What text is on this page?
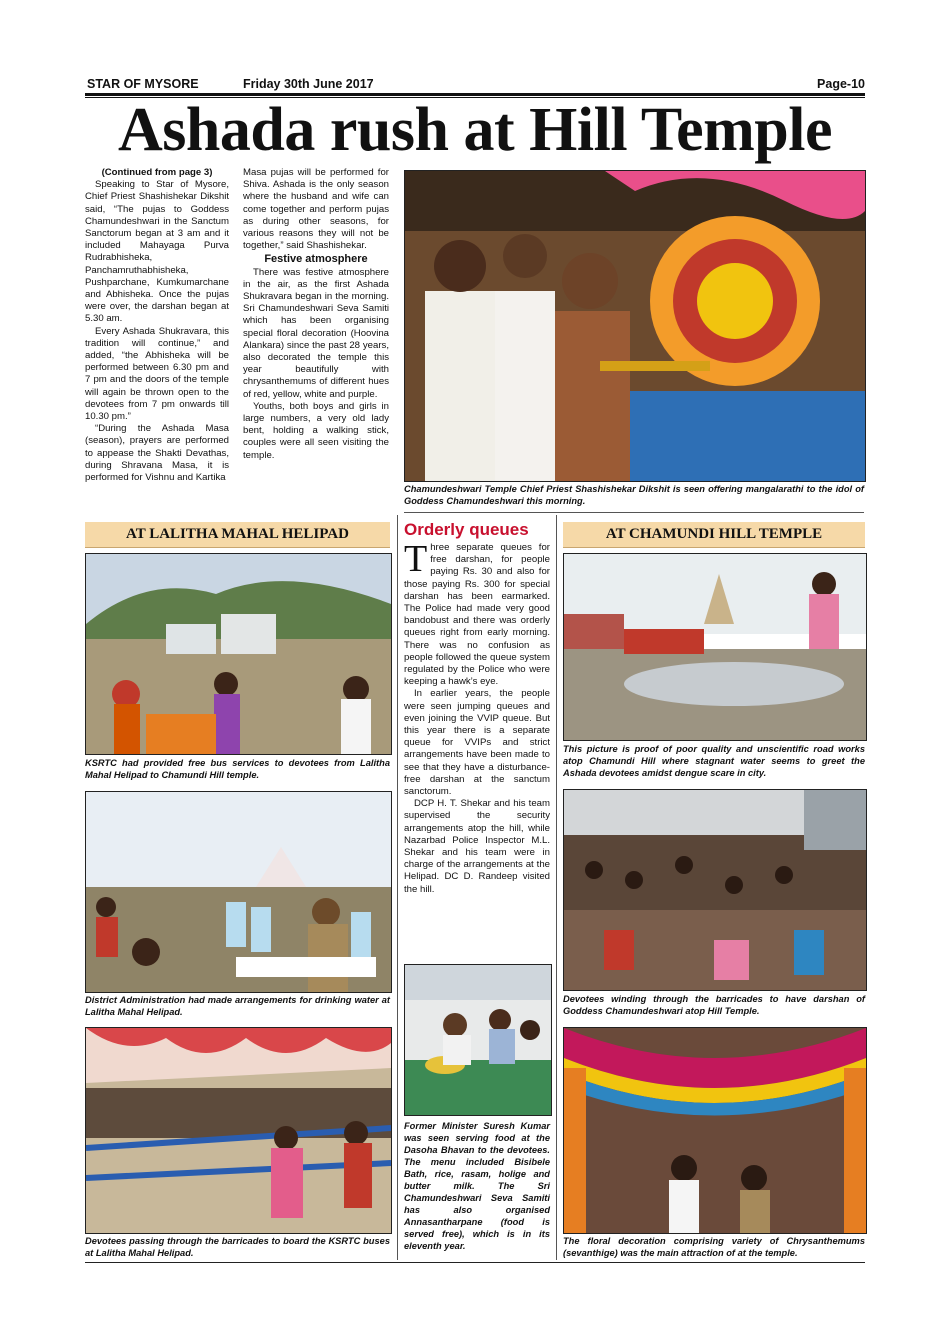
STAR OF MYSORE	Friday 30th June 2017	Page-10
Ashada rush at Hill Temple

(Continued from page 3)

Speaking to Star of Mysore, Chief Priest Shashishekar Dikshit said, “The pujas to Goddess Chamundeshwari in the Sanctum Sanctorum began at 3 am and it included Mahayaga Purva Rudrabhisheka, Panchamruthabhisheka, Pushparchane, Kumkumarchane and Abhisheka. Once the pujas were over, the darshan began at 5.30 am.

Every Ashada Shukravara, this tradition will continue,” and added, “the Abhisheka will be performed between 6.30 pm and 7 pm and the doors of the temple will again be thrown open to the devotees from 7 pm onwards till 10.30 pm.”

“During the Ashada Masa (season), prayers are performed to appease the Shakti Devathas, during Shravana Masa, it is performed for Vishnu and Kartika

Masa pujas will be performed for Shiva. Ashada is the only season where the husband and wife can come together and perform pujas as during other seasons, for various reasons they will not be together,” said Shashishekar.

Festive atmosphere

There was festive atmosphere in the air, as the first Ashada Shukravara began in the morning. Sri Chamundeshwari Seva Samiti which has been organising special floral decoration (Hoovina Alankara) since the past 28 years, also decorated the temple this year beautifully with chrysanthemums of different hues of red, yellow, white and purple.

Youths, both boys and girls in large numbers, a very old lady bent, holding a walking stick, couples were all seen visiting the temple.

Chamundeshwari Temple Chief Priest Shashishekar Dikshit is seen offering mangalarathi to the idol of Goddess Chamundeshwari this morning.
AT LALITHA MAHAL HELIPAD
KSRTC had provided free bus services to devotees from Lalitha Mahal Helipad to Chamundi Hill temple.
District Administration had made arrangements for drinking water at Lalitha Mahal Helipad.
Devotees passing through the barricades to board the KSRTC buses at Lalitha Mahal Helipad.
Orderly queues

Three separate queues for free darshan, for people paying Rs. 30 and also for those paying Rs. 300 for special darshan has been earmarked. The Police had made very good bandobust and there was orderly queues right from early morning. There was no confusion as people followed the queue system regulated by the Police who were keeping a hawk’s eye.

In earlier years, the people were seen jumping queues and even joining the VVIP queue. But this year there is a separate queue for VVIPs and strict arrangements have been made to see that they have a disturbance-free darshan at the sanctum sanctorum.

DCP H. T. Shekar and his team supervised the security arrangements atop the hill, while Nazarbad Police Inspector M.L. Shekar and his team were in charge of the arrangements at the Helipad. DC D. Randeep visited the hill.

Former Minister Suresh Kumar was seen serving food at the Dasoha Bhavan to the devotees. The menu included Bisibele Bath, rice, rasam, holige and butter milk. The Sri Chamundeshwari Seva Samiti has also organised Annasantharpane (food is served free), which is in its eleventh year.
AT CHAMUNDI HILL TEMPLE
This picture is proof of poor quality and unscientific road works atop Chamundi Hill where stagnant water seems to greet the Ashada devotees amidst dengue scare in city.
Devotees winding through the barricades to have darshan of Goddess Chamundeshwari atop Hill Temple.
The floral decoration comprising variety of Chrysanthemums (sevanthige) was the main attraction of at the temple.
